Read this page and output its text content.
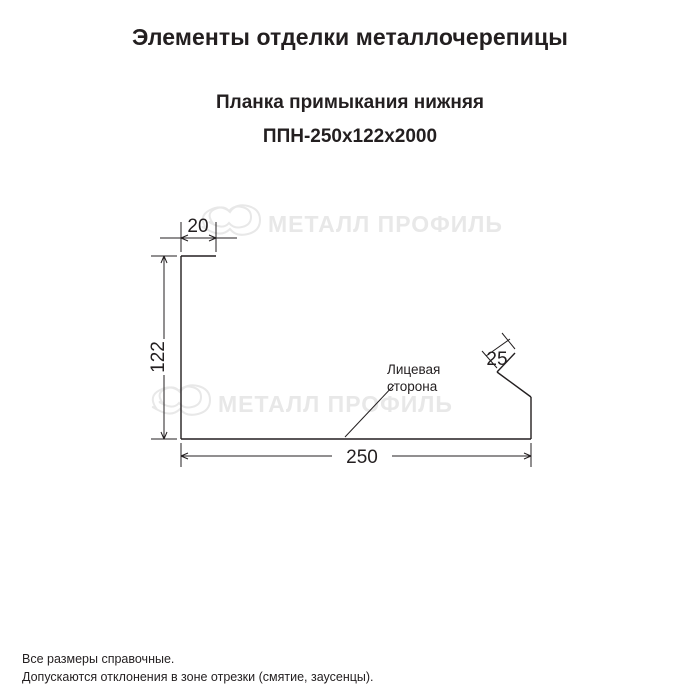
Элементы отделки металлочерепицы

Планка примыкания нижняя

ППН-250x122x2000

МЕТАЛЛ ПРОФИЛЬ
МЕТАЛЛ ПРОФИЛЬ
20
122
250
25
Лицевая
сторона
Все размеры справочные.
Допускаются отклонения в зоне отрезки (смятие, заусенцы).
